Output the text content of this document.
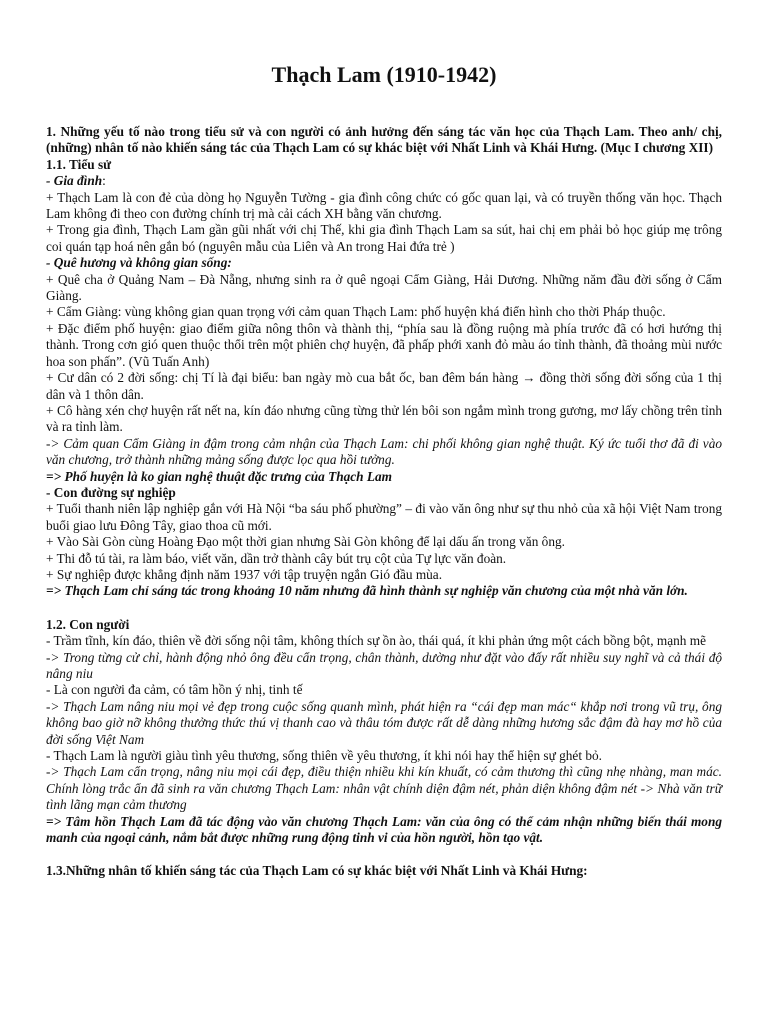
Thạch Lam (1910-1942)

1. Những yếu tố nào trong tiểu sử và con người có ảnh hưởng đến sáng tác văn học của Thạch Lam. Theo anh/ chị, (những) nhân tố nào khiến sáng tác của Thạch Lam có sự khác biệt với Nhất Linh và Khái Hưng. (Mục I chương XII)

1.1. Tiểu sử

- Gia đình:

+ Thạch Lam là con đẻ của dòng họ Nguyễn Tường - gia đình công chức có gốc quan lại, và có truyền thống văn học. Thạch Lam không đi theo con đường chính trị mà cải cách XH bằng văn chương.

+ Trong gia đình, Thạch Lam gần gũi nhất với chị Thế, khi gia đình Thạch Lam sa sút, hai chị em phải bỏ học giúp mẹ trông coi quán tạp hoá nên gắn bó (nguyên mẫu của Liên và An trong Hai đứa trẻ )

- Quê hương và không gian sống:

+ Quê cha ở Quảng Nam – Đà Nẵng, nhưng sinh ra ở quê ngoại Cẩm Giàng, Hải Dương. Những năm đầu đời sống ở Cẩm Giàng.

+ Cẩm Giàng: vùng không gian quan trọng với cảm quan Thạch Lam: phố huyện khá điển hình cho thời Pháp thuộc.

+ Đặc điểm phố huyện: giao điểm giữa nông thôn và thành thị, “phía sau là đồng ruộng mà phía trước đã có hơi hướng thị thành. Trong cơn gió quen thuộc thổi trên một phiên chợ huyện, đã phấp phới xanh đỏ màu áo tỉnh thành, đã thoảng mùi nước hoa son phấn”. (Vũ Tuấn Anh)

+ Cư dân có 2 đời sống: chị Tí là đại biểu: ban ngày mò cua bắt ốc, ban đêm bán hàng → đồng thời sống đời sống của 1 thị dân và 1 thôn dân.

+ Cô hàng xén chợ huyện rất nết na, kín đáo nhưng cũng từng thử lén bôi son ngắm mình trong gương, mơ lấy chồng trên tỉnh và ra tỉnh làm.

-> Cảm quan Cẩm Giàng in đậm trong cảm nhận của Thạch Lam: chi phối không gian nghệ thuật. Ký ức tuổi thơ đã đi vào văn chương, trở thành những mảng sống được lọc qua hồi tưởng.

=> Phố huyện là ko gian nghệ thuật đặc trưng của Thạch Lam

- Con đường sự nghiệp

+ Tuổi thanh niên lập nghiệp gắn với Hà Nội “ba sáu phố phường” – đi vào văn ông như sự thu nhỏ của xã hội Việt Nam trong buổi giao lưu Đông Tây, giao thoa cũ mới.

+ Vào Sài Gòn cùng Hoàng Đạo một thời gian nhưng Sài Gòn không để lại dấu ấn trong văn ông.

+ Thi đỗ tú tài, ra làm báo, viết văn, dần trở thành cây bút trụ cột của Tự lực văn đoàn.

+ Sự nghiệp được khẳng định năm 1937 với tập truyện ngắn Gió đầu mùa.

=> Thạch Lam chỉ sáng tác trong khoảng 10 năm nhưng đã hình thành sự nghiệp văn chương của một nhà văn lớn.

1.2. Con người

- Trầm tĩnh, kín đáo, thiên về đời sống nội tâm, không thích sự ồn ào, thái quá, ít khi phản ứng một cách bồng bột, mạnh mẽ

-> Trong từng cử chỉ, hành động nhỏ ông đều cẩn trọng, chân thành, dường như đặt vào đấy rất nhiều suy nghĩ và cả thái độ nâng niu

- Là con người đa cảm, có tâm hồn ý nhị, tinh tế

-> Thạch Lam nâng niu mọi vẻ đẹp trong cuộc sống quanh mình, phát hiện ra “cái đẹp man mác“ khắp nơi trong vũ trụ, ông không bao giờ nỡ không thưởng thức thú vị thanh cao và thâu tóm được rất dễ dàng những hương sắc đậm đà hay mơ hồ của đời sống Việt Nam

- Thạch Lam là người giàu tình yêu thương, sống thiên về yêu thương, ít khi nói hay thể hiện sự ghét bỏ.

-> Thạch Lam cẩn trọng, nâng niu mọi cái đẹp, điều thiện nhiều khi kín khuất, có cảm thương thì cũng nhẹ nhàng, man mác. Chính lòng trắc ẩn đã sinh ra văn chương Thạch Lam: nhân vật chính diện đậm nét, phản diện không đậm nét -> Nhà văn trữ tình lãng mạn cảm thương

=> Tâm hồn Thạch Lam đã tác động vào văn chương Thạch Lam: văn của ông có thể cảm nhận những biến thái mong manh của ngoại cảnh, nắm bắt được những rung động tinh vi của hồn người, hồn tạo vật.

1.3.Những nhân tố khiến sáng tác của Thạch Lam có sự khác biệt với Nhất Linh và Khái Hưng:
